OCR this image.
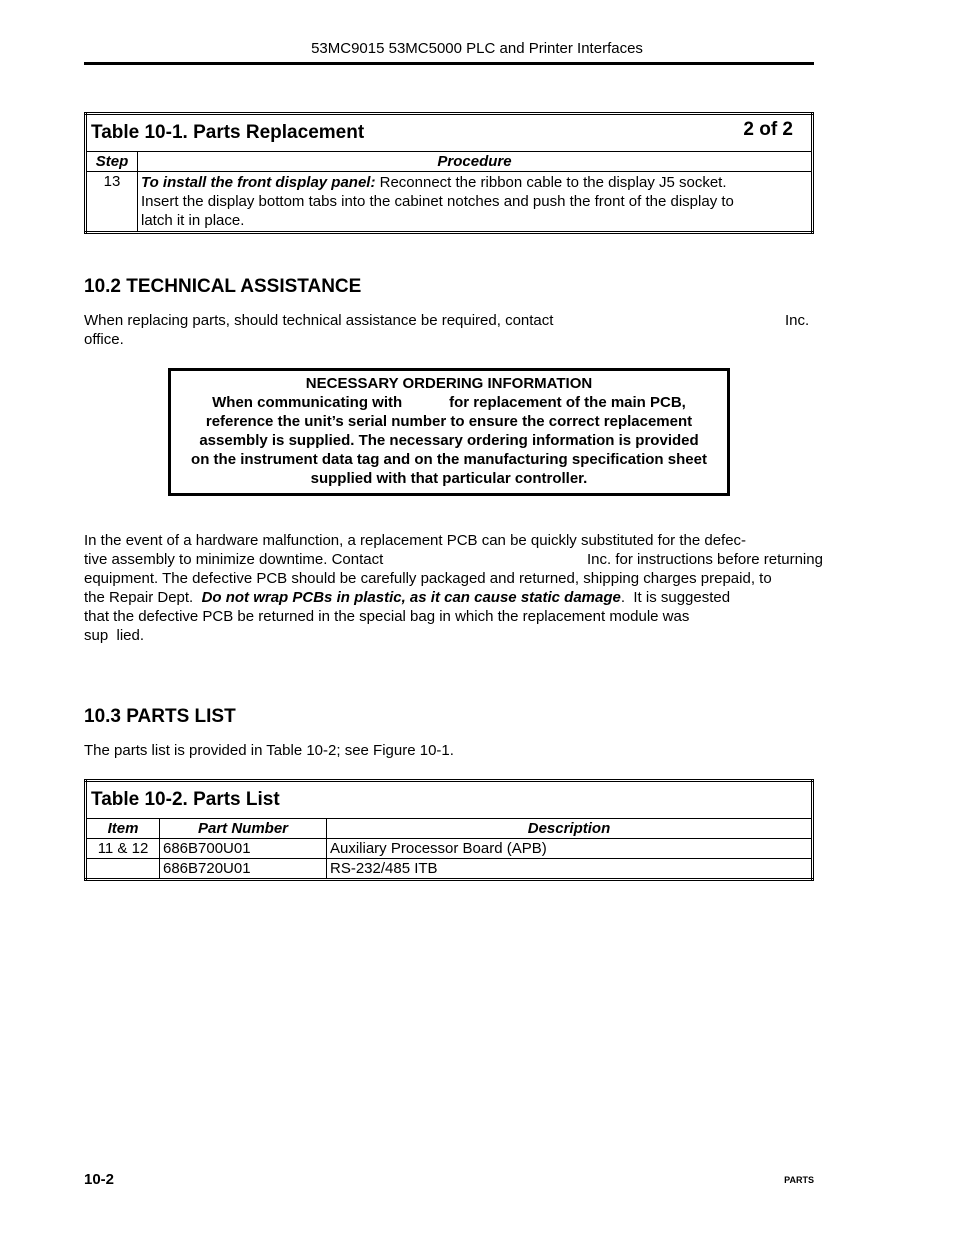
53MC9015 53MC5000 PLC and Printer Interfaces
Table 10-1. Parts Replacement 2 of 2	

Step	Procedure
13	To install the front display panel: Reconnect the ribbon cable to the display J5 socket.
Insert the display bottom tabs into the cabinet notches and push the front of the display to
latch it in place.
10.2 TECHNICAL ASSISTANCE
When replacing parts, should technical assistance be required, contact	Inc.
office.
NECESSARY ORDERING INFORMATION
When communicating with	for replacement of the main PCB,
reference the unit’s serial number to ensure the correct replacement
assembly is supplied. The necessary ordering information is provided
on the instrument data tag and on the manufacturing specification sheet
supplied with that particular controller.
In the event of a hardware malfunction, a replacement PCB can be quickly substituted for the defec-
tive assembly to minimize downtime. Contact	Inc. for instructions before returning
equipment. The defective PCB should be carefully packaged and returned, shipping charges prepaid, to
the Repair Dept.  Do not wrap PCBs in plastic, as it can cause static damage.  It is suggested
that the defective PCB be returned in the special bag in which the replacement module was
sup  lied.
10.3 PARTS LIST
The parts list is provided in Table 10-2; see Figure 10-1.
Table 10-2. Parts List		
Item	Part Number	Description
11 & 12	686B700U01	Auxiliary Processor Board (APB)
	686B720U01	RS-232/485 ITB
10-2	PARTS
